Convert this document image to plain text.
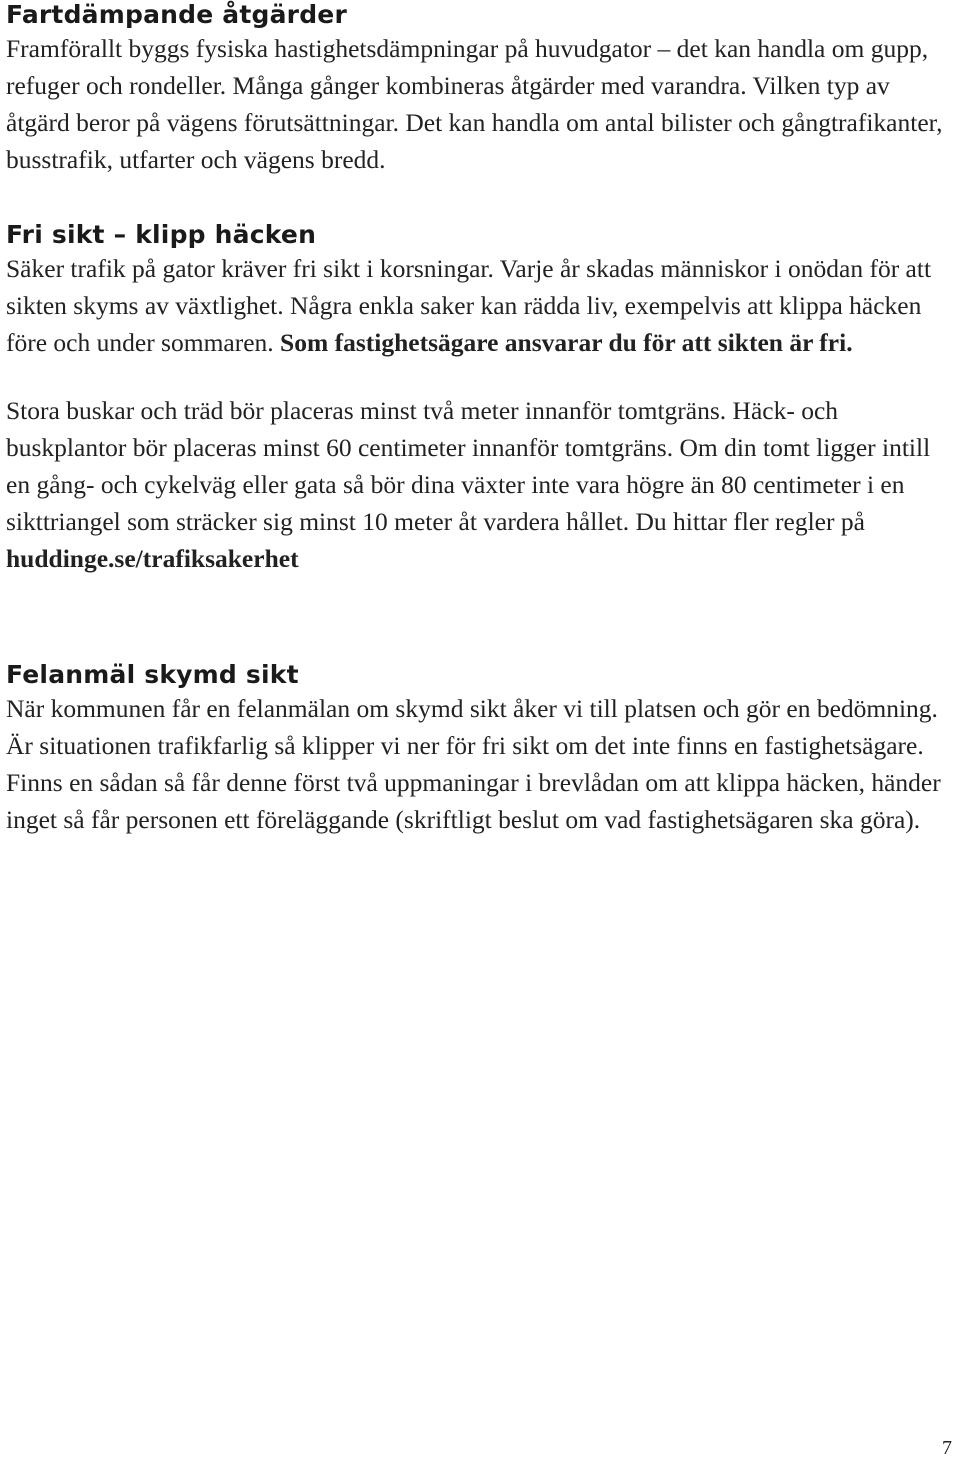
Fartdämpande åtgärder

Framförallt byggs fysiska hastighetsdämpningar på huvudgator – det kan handla om gupp, refuger och rondeller. Många gånger kombineras åtgärder med varandra. Vilken typ av åtgärd beror på vägens förutsättningar. Det kan handla om antal bilister och gångtrafikanter, busstrafik, utfarter och vägens bredd.

Fri sikt – klipp häcken

Säker trafik på gator kräver fri sikt i korsningar. Varje år skadas människor i onödan för att sikten skyms av växtlighet. Några enkla saker kan rädda liv, exempelvis att klippa häcken före och under sommaren. Som fastighetsägare ansvarar du för att sikten är fri.

Stora buskar och träd bör placeras minst två meter innanför tomtgräns. Häck- och buskplantor bör placeras minst 60 centimeter innanför tomtgräns. Om din tomt ligger intill en gång- och cykelväg eller gata så bör dina växter inte vara högre än 80 centimeter i en sikttriangel som sträcker sig minst 10 meter åt vardera hållet. Du hittar fler regler på huddinge.se/trafiksakerhet

Felanmäl skymd sikt

När kommunen får en felanmälan om skymd sikt åker vi till platsen och gör en bedömning. Är situationen trafikfarlig så klipper vi ner för fri sikt om det inte finns en fastighetsägare. Finns en sådan så får denne först två uppmaningar i brevlådan om att klippa häcken, händer inget så får personen ett föreläggande (skriftligt beslut om vad fastighetsägaren ska göra).

7
